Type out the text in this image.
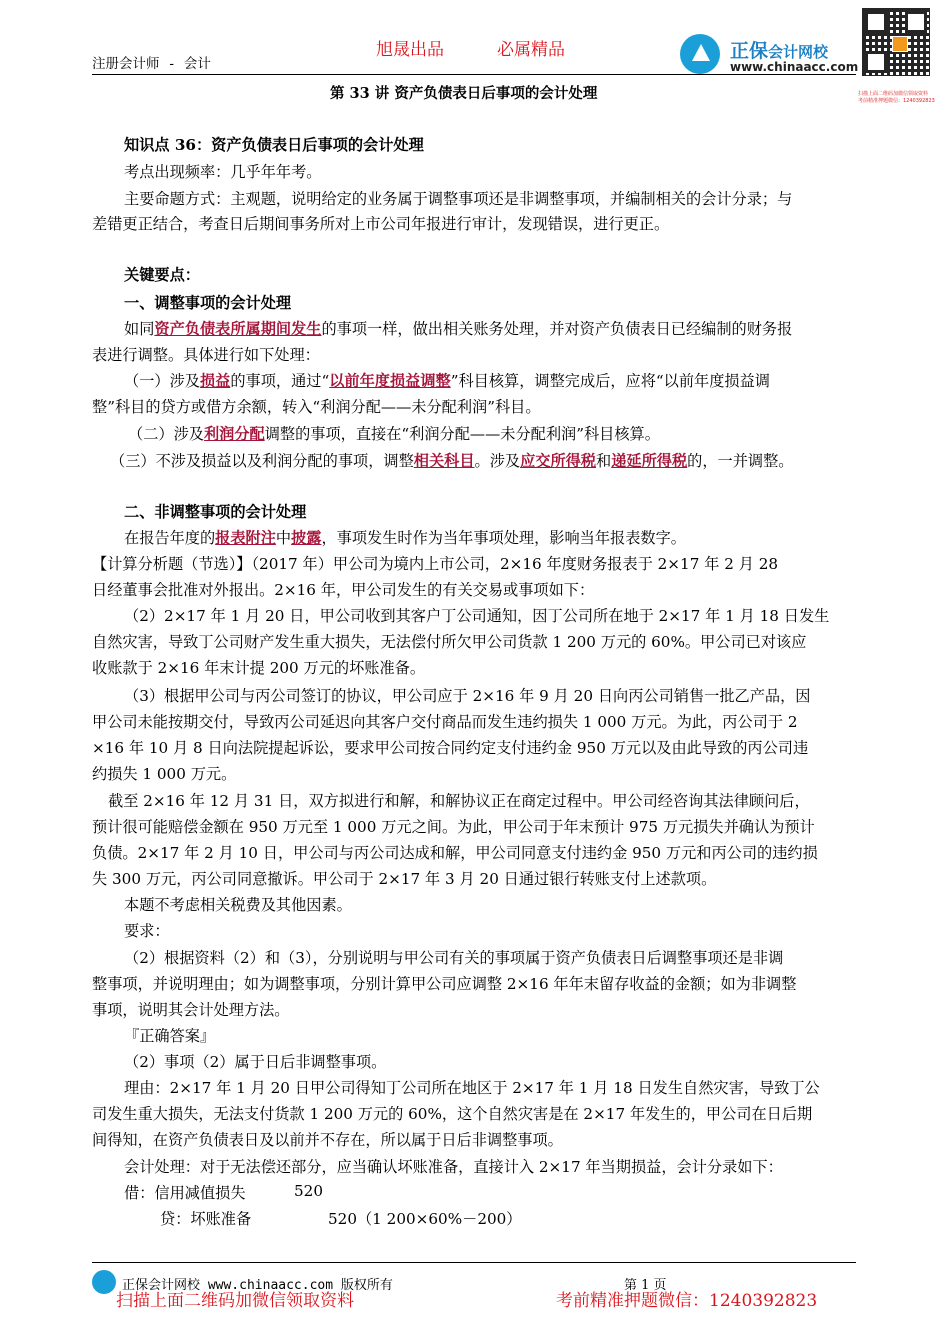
注册会计师 - 会计
旭晟出品	必属精品	正保会计网校
www.chinaacc.com
扫描上面二维码加微信领取资料
考前精准押题微信：1240392823
第 33 讲 资产负债表日后事项的会计处理
知识点 36：资产负债表日后事项的会计处理
考点出现频率：几乎年年考。
主要命题方式：主观题，说明给定的业务属于调整事项还是非调整事项，并编制相关的会计分录；与
差错更正结合，考查日后期间事务所对上市公司年报进行审计，发现错误，进行更正。
关键要点：
一、调整事项的会计处理
如同资产负债表所属期间发生的事项一样，做出相关账务处理，并对资产负债表日已经编制的财务报
表进行调整。具体进行如下处理：
（一）涉及损益的事项，通过“以前年度损益调整”科目核算，调整完成后，应将“以前年度损益调
整”科目的贷方或借方余额，转入“利润分配——未分配利润”科目。
（二）涉及利润分配调整的事项，直接在“利润分配——未分配利润”科目核算。
（三）不涉及损益以及利润分配的事项，调整相关科目。涉及应交所得税和递延所得税的，一并调整。
二、非调整事项的会计处理
在报告年度的报表附注中披露，事项发生时作为当年事项处理，影响当年报表数字。
【计算分析题（节选）】（2017 年）甲公司为境内上市公司，2×16 年度财务报表于 2×17 年 2 月 28
日经董事会批准对外报出。2×16 年，甲公司发生的有关交易或事项如下：
（2）2×17 年 1 月 20 日，甲公司收到其客户丁公司通知，因丁公司所在地于 2×17 年 1 月 18 日发生
自然灾害，导致丁公司财产发生重大损失，无法偿付所欠甲公司货款 1 200 万元的 60%。甲公司已对该应
收账款于 2×16 年末计提 200 万元的坏账准备。
（3）根据甲公司与丙公司签订的协议，甲公司应于 2×16 年 9 月 20 日向丙公司销售一批乙产品，因
甲公司未能按期交付，导致丙公司延迟向其客户交付商品而发生违约损失 1 000 万元。为此，丙公司于 2
×16 年 10 月 8 日向法院提起诉讼，要求甲公司按合同约定支付违约金 950 万元以及由此导致的丙公司违
约损失 1 000 万元。
截至 2×16 年 12 月 31 日，双方拟进行和解，和解协议正在商定过程中。甲公司经咨询其法律顾问后，
预计很可能赔偿金额在 950 万元至 1 000 万元之间。为此，甲公司于年末预计 975 万元损失并确认为预计
负债。2×17 年 2 月 10 日，甲公司与丙公司达成和解，甲公司同意支付违约金 950 万元和丙公司的违约损
失 300 万元，丙公司同意撤诉。甲公司于 2×17 年 3 月 20 日通过银行转账支付上述款项。
本题不考虑相关税费及其他因素。
要求：
（2）根据资料（2）和（3），分别说明与甲公司有关的事项属于资产负债表日后调整事项还是非调
整事项，并说明理由；如为调整事项，分别计算甲公司应调整 2×16 年年末留存收益的金额；如为非调整
事项，说明其会计处理方法。
『正确答案』
（2）事项（2）属于日后非调整事项。
理由：2×17 年 1 月 20 日甲公司得知丁公司所在地区于 2×17 年 1 月 18 日发生自然灾害，导致丁公
司发生重大损失，无法支付货款 1 200 万元的 60%，这个自然灾害是在 2×17 年发生的，甲公司在日后期
间得知，在资产负债表日及以前并不存在，所以属于日后非调整事项。
会计处理：对于无法偿还部分，应当确认坏账准备，直接计入 2×17 年当期损益，会计分录如下：
借：信用减值损失	520
贷：坏账准备	520（1 200×60%－200）
正保会计网校 www.chinaacc.com 版权所有	第 1 页
扫描上面二维码加微信领取资料	考前精准押题微信：1240392823
